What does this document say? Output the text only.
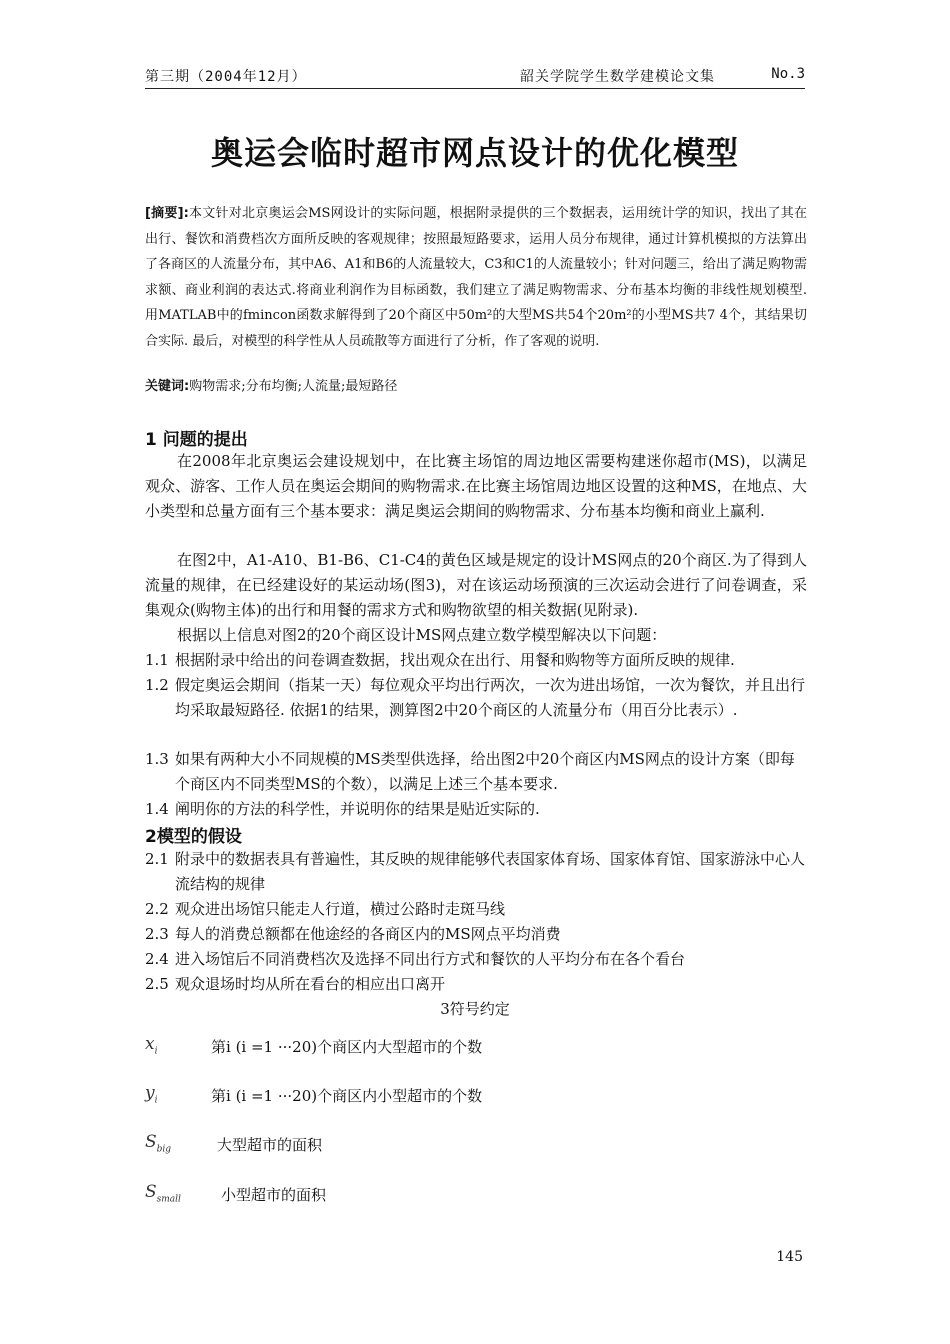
第三期（2004年12月）	韶关学院学生数学建模论文集	No.3
奥运会临时超市网点设计的优化模型
[摘要]:本文针对北京奥运会MS网设计的实际问题，根据附录提供的三个数据表，运用统计学的知识，找出了其在出行、餐饮和消费档次方面所反映的客观规律；按照最短路要求，运用人员分布规律，通过计算机模拟的方法算出了各商区的人流量分布，其中A6、A1和B6的人流量较大，C3和C1的人流量较小；针对问题三，给出了满足购物需求额、商业利润的表达式.将商业利润作为目标函数，我们建立了满足购物需求、分布基本均衡的非线性规划模型. 用MATLAB中的fmincon函数求解得到了20个商区中50m²的大型MS共54个20m²的小型MS共7 4个，其结果切合实际. 最后，对模型的科学性从人员疏散等方面进行了分析，作了客观的说明.
关键词:购物需求;分布均衡;人流量;最短路径
1 问题的提出
在2008年北京奥运会建设规划中，在比赛主场馆的周边地区需要构建迷你超市(MS)，以满足观众、游客、工作人员在奥运会期间的购物需求.在比赛主场馆周边地区设置的这种MS，在地点、大小类型和总量方面有三个基本要求：满足奥运会期间的购物需求、分布基本均衡和商业上赢利.
在图2中，A1-A10、B1-B6、C1-C4的黄色区域是规定的设计MS网点的20个商区.为了得到人流量的规律，在已经建设好的某运动场(图3)，对在该运动场预演的三次运动会进行了问卷调查，采集观众(购物主体)的出行和用餐的需求方式和购物欲望的相关数据(见附录).
根据以上信息对图2的20个商区设计MS网点建立数学模型解决以下问题：
1.1 根据附录中给出的问卷调查数据，找出观众在出行、用餐和购物等方面所反映的规律.
1.2 假定奥运会期间（指某一天）每位观众平均出行两次，一次为进出场馆，一次为餐饮，并且出行均采取最短路径. 依据1的结果，测算图2中20个商区的人流量分布（用百分比表示）.
1.3 如果有两种大小不同规模的MS类型供选择，给出图2中20个商区内MS网点的设计方案（即每个商区内不同类型MS的个数），以满足上述三个基本要求.
1.4 阐明你的方法的科学性，并说明你的结果是贴近实际的.
2模型的假设
2.1 附录中的数据表具有普遍性，其反映的规律能够代表国家体育场、国家体育馆、国家游泳中心人流结构的规律
2.2 观众进出场馆只能走人行道，横过公路时走斑马线
2.3 每人的消费总额都在他途经的各商区内的MS网点平均消费
2.4 进入场馆后不同消费档次及选择不同出行方式和餐饮的人平均分布在各个看台
2.5 观众退场时均从所在看台的相应出口离开
3符号约定
$x_i$	第i (i =1 ···20)个商区内大型超市的个数
$y_i$	第i (i =1 ···20)个商区内小型超市的个数
$S_{big}$	大型超市的面积
$S_{small}$	小型超市的面积
145
